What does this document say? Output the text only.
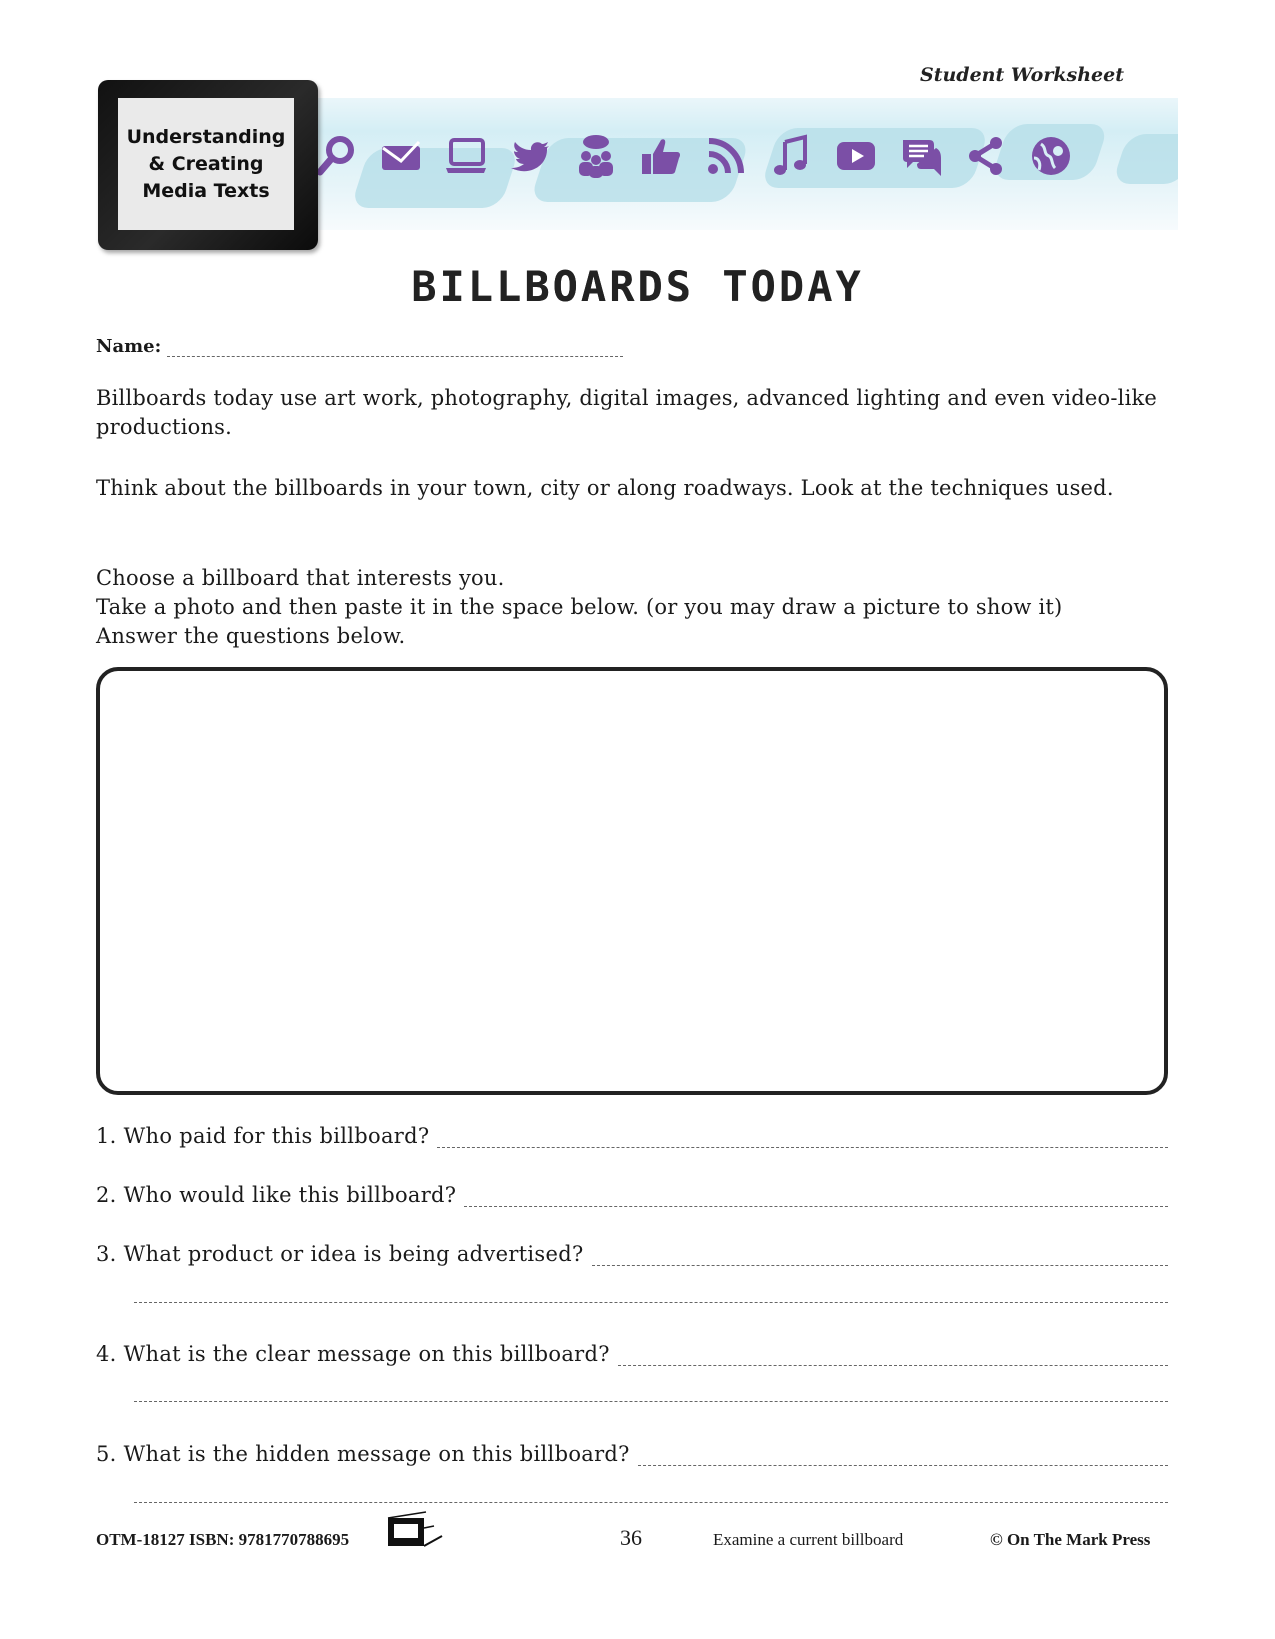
Student Worksheet
Understanding
& Creating
Media Texts
BILLBOARDS TODAY
Name:
Billboards today use art work, photography, digital images, advanced lighting and even video-like productions.
Think about the billboards in your town, city or along roadways. Look at the techniques used.
Choose a billboard that interests you.
Take a photo and then paste it in the space below. (or you may draw a picture to show it)
Answer the questions below.
1. Who paid for this billboard?
2. Who would like this billboard?
3. What product or idea is being advertised?
4. What is the clear message on this billboard?
5. What is the hidden message on this billboard?
OTM-18127 ISBN: 9781770788695	36	Examine a current billboard	© On The Mark Press
